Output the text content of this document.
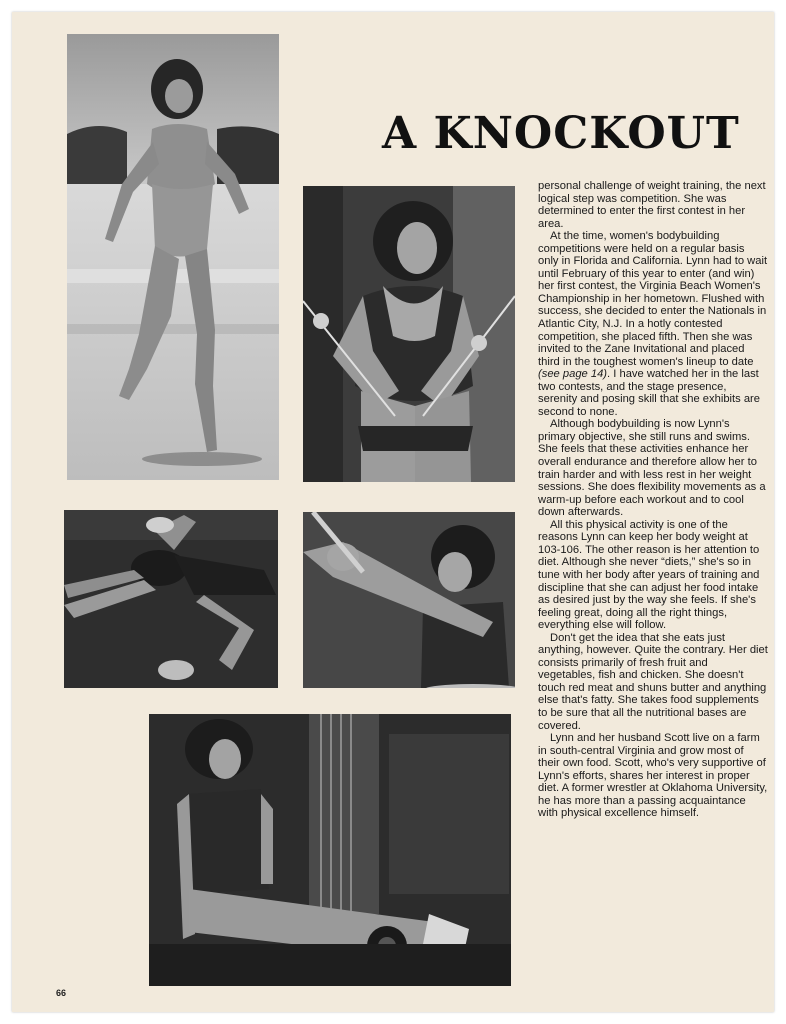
A KNOCKOUT

personal challenge of weight training, the next logical step was competition. She was determined to enter the first contest in her area.

At the time, women's bodybuilding competitions were held on a regular basis only in Florida and California. Lynn had to wait until February of this year to enter (and win) her first contest, the Virginia Beach Women's Championship in her hometown. Flushed with success, she decided to enter the Nationals in Atlantic City, N.J. In a hotly contested competition, she placed fifth. Then she was invited to the Zane Invitational and placed third in the toughest women's lineup to date (see page 14). I have watched her in the last two contests, and the stage presence, serenity and posing skill that she exhibits are second to none.

Although bodybuilding is now Lynn's primary objective, she still runs and swims. She feels that these activities enhance her overall endurance and therefore allow her to train harder and with less rest in her weight sessions. She does flexibility movements as a warm-up before each workout and to cool down afterwards.

All this physical activity is one of the reasons Lynn can keep her body weight at 103-106. The other reason is her attention to diet. Although she never “diets,” she's so in tune with her body after years of training and discipline that she can adjust her food intake as desired just by the way she feels. If she's feeling great, doing all the right things, everything else will follow.

Don't get the idea that she eats just anything, however. Quite the contrary. Her diet consists primarily of fresh fruit and vegetables, fish and chicken. She doesn't touch red meat and shuns butter and anything else that's fatty. She takes food supplements to be sure that all the nutritional bases are covered.

Lynn and her husband Scott live on a farm in south-central Virginia and grow most of their own food. Scott, who's very supportive of Lynn's efforts, shares her interest in proper diet. A former wrestler at Oklahoma University, he has more than a passing acquaintance with physical excellence himself.

66
